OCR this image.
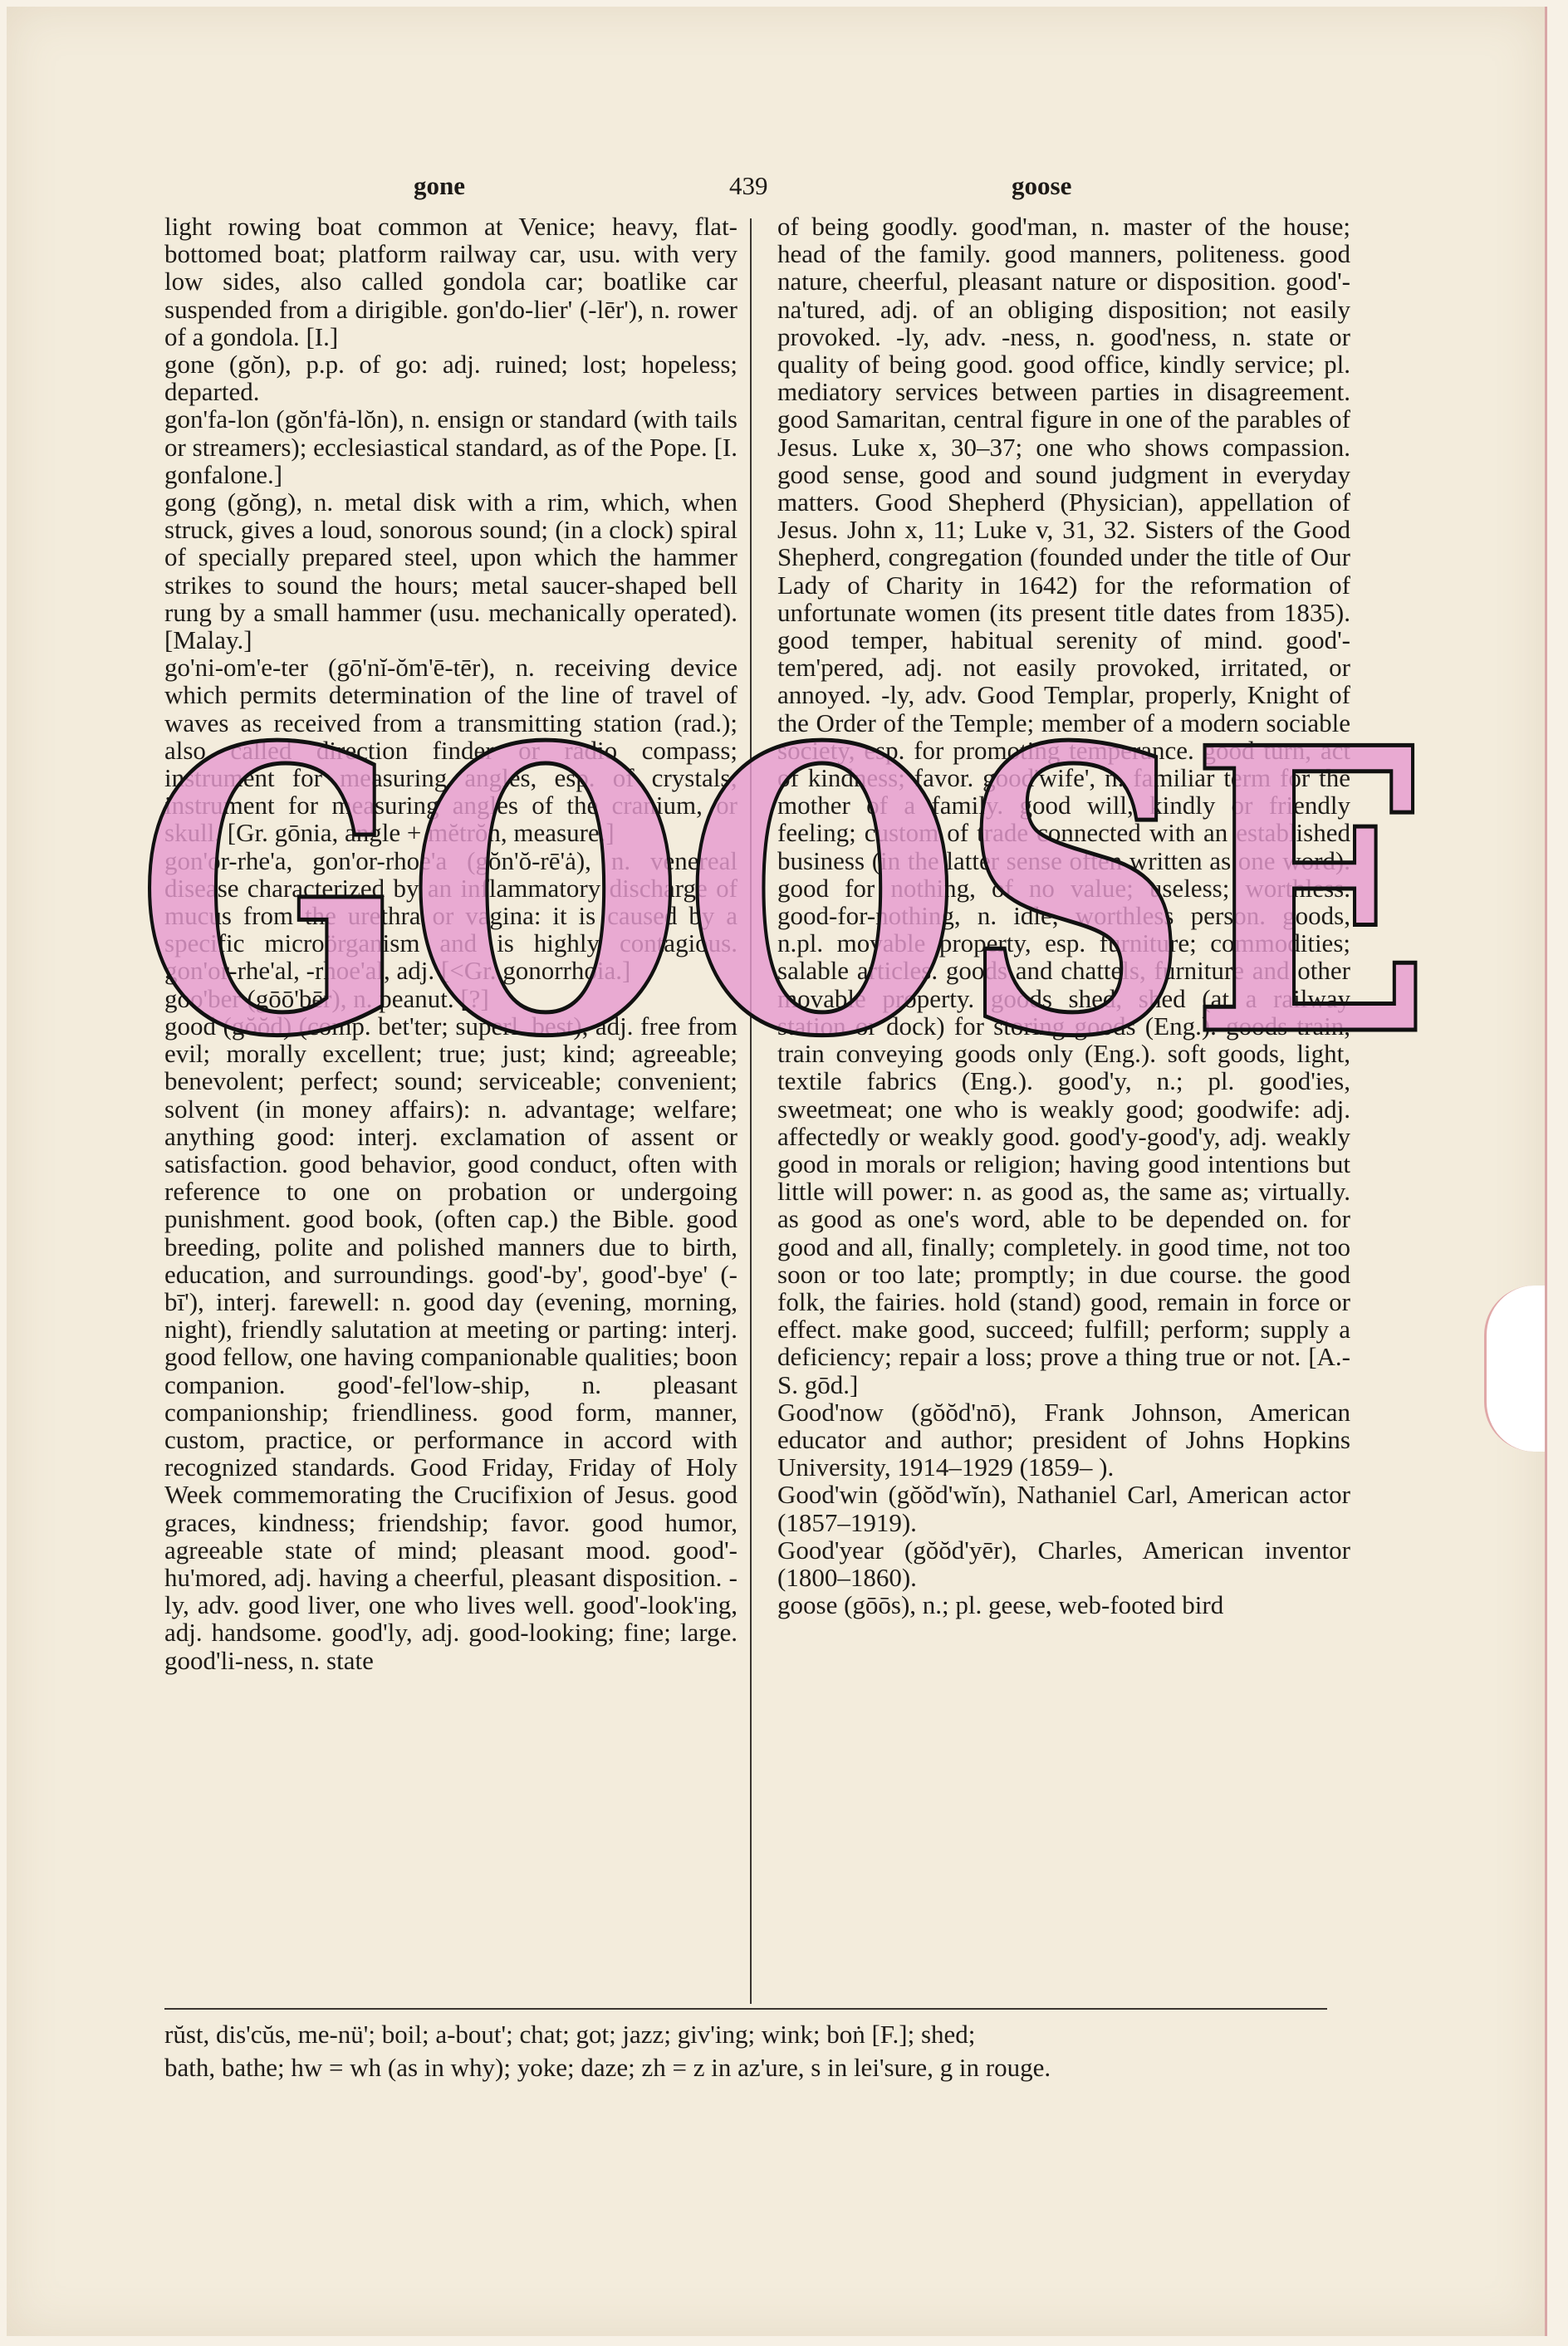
gone	439	goose

light rowing boat common at Venice; heavy, flat-bottomed boat; platform railway car, usu. with very low sides, also called gondola car; boatlike car suspended from a dirigible. gon'do-lier' (-lēr'), n. rower of a gondola. [I.]

gone (gŏn), p.p. of go: adj. ruined; lost; hopeless; departed.

gon'fa-lon (gŏn'fȧ-lŏn), n. ensign or standard (with tails or streamers); ecclesiastical standard, as of the Pope. [I. gonfalone.]

gong (gŏng), n. metal disk with a rim, which, when struck, gives a loud, sonorous sound; (in a clock) spiral of specially prepared steel, upon which the hammer strikes to sound the hours; metal saucer-shaped bell rung by a small hammer (usu. mechanically operated). [Malay.]

go'ni-om'e-ter (gō'nĭ-ŏm'ē-tēr), n. receiving device which permits determination of the line of travel of waves as received from a transmitting station (rad.); also called direction finder or radio compass; instrument for measuring angles, esp. of crystals; instrument for measuring angles of the cranium, or skull. [Gr. gōnia, angle + mĕtrŏn, measure.]

gon'or-rhe'a, gon'or-rhoe'a (gŏn'ŏ-rē'ȧ), n. venereal disease characterized by an inflammatory discharge of mucus from the urethra or vagina: it is caused by a specific microörganism and is highly contagious. gon'or-rhe'al, -rhoe'al, adj. [<Gr. gonorrhoia.]

goo'ber (gōō'bēr), n. peanut. [?]

good (gŏŏd) (comp. bet'ter; superl. best), adj. free from evil; morally excellent; true; just; kind; agreeable; benevolent; perfect; sound; serviceable; convenient; solvent (in money affairs): n. advantage; welfare; anything good: interj. exclamation of assent or satisfaction. good behavior, good conduct, often with reference to one on probation or undergoing punishment. good book, (often cap.) the Bible. good breeding, polite and polished manners due to birth, education, and surroundings. good'-by', good'-bye' (-bī'), interj. farewell: n. good day (evening, morning, night), friendly salutation at meeting or parting: interj. good fellow, one having companionable qualities; boon companion. good'-fel'low-ship, n. pleasant companionship; friendliness. good form, manner, custom, practice, or performance in accord with recognized standards. Good Friday, Friday of Holy Week commemorating the Crucifixion of Jesus. good graces, kindness; friendship; favor. good humor, agreeable state of mind; pleasant mood. good'-hu'mored, adj. having a cheerful, pleasant disposition. -ly, adv. good liver, one who lives well. good'-look'ing, adj. handsome. good'ly, adj. good-looking; fine; large. good'li-ness, n. state

of being goodly. good'man, n. master of the house; head of the family. good manners, politeness. good nature, cheerful, pleasant nature or disposition. good'-na'tured, adj. of an obliging disposition; not easily provoked. -ly, adv. -ness, n. good'ness, n. state or quality of being good. good office, kindly service; pl. mediatory services between parties in disagreement. good Samaritan, central figure in one of the parables of Jesus. Luke x, 30–37; one who shows compassion. good sense, good and sound judgment in everyday matters. Good Shepherd (Physician), appellation of Jesus. John x, 11; Luke v, 31, 32. Sisters of the Good Shepherd, congregation (founded under the title of Our Lady of Charity in 1642) for the reformation of unfortunate women (its present title dates from 1835). good temper, habitual serenity of mind. good'-tem'pered, adj. not easily provoked, irritated, or annoyed. -ly, adv. Good Templar, properly, Knight of the Order of the Temple; member of a modern sociable society, esp. for promoting temperance. good turn, act of kindness; favor. good'wife', n. familiar term for the mother of a family. good will, kindly or friendly feeling; custom of trade connected with an established business (in the latter sense often written as one word). good for nothing, of no value; useless; worthless. good-for-nothing, n. idle, worthless person. goods, n.pl. movable property, esp. furniture; commodities; salable articles. goods and chattels, furniture and other movable property. goods shed, shed (at a railway station or dock) for storing goods (Eng.). goods train, train conveying goods only (Eng.). soft goods, light, textile fabrics (Eng.). good'y, n.; pl. good'ies, sweetmeat; one who is weakly good; goodwife: adj. affectedly or weakly good. good'y-good'y, adj. weakly good in morals or religion; having good intentions but little will power: n. as good as, the same as; virtually. as good as one's word, able to be depended on. for good and all, finally; completely. in good time, not too soon or too late; promptly; in due course. the good folk, the fairies. hold (stand) good, remain in force or effect. make good, succeed; fulfill; perform; supply a deficiency; repair a loss; prove a thing true or not. [A.-S. gōd.]

Good'now (gŏŏd'nō), Frank Johnson, American educator and author; president of Johns Hopkins University, 1914–1929 (1859– ).

Good'win (gŏŏd'wĭn), Nathaniel Carl, American actor (1857–1919).

Good'year (gŏŏd'yēr), Charles, American inventor (1800–1860).

goose (gōōs), n.; pl. geese, web-footed bird

rŭst, dis'cŭs, me-nü'; boil; a-bout'; chat; got; jazz; giv'ing; wink; boṅ [F.]; shed;
bath, bathe; hw = wh (as in why); yoke; daze; zh = z in az'ure, s in lei'sure, g in rouge.
GOOSE
